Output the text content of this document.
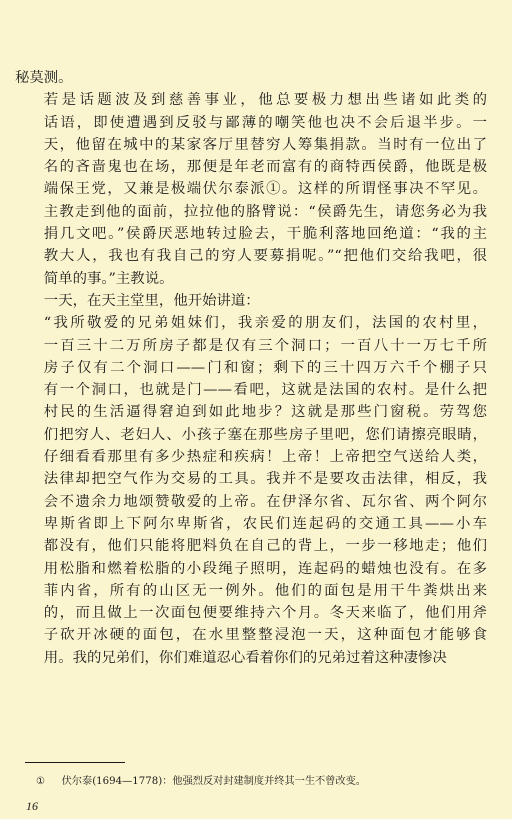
秘莫测。

若是话题波及到慈善事业，他总要极力想出些诸如此类的
话语，即使遭遇到反驳与鄙薄的嘲笑他也决不会后退半步。一
天，他留在城中的某家客厅里替穷人筹集捐款。当时有一位出了
名的吝啬鬼也在场，那便是年老而富有的商特西侯爵，他既是极
端保王党，又兼是极端伏尔泰派①。这样的所谓怪事决不罕见。
主教走到他的面前，拉拉他的胳臂说：“侯爵先生，请您务必为我
捐几文吧。”侯爵厌恶地转过脸去，干脆利落地回绝道：“我的主
教大人，我也有我自己的穷人要募捐呢。”“把他们交给我吧，很
简单的事。”主教说。

一天，在天主堂里，他开始讲道：

“我所敬爱的兄弟姐妹们，我亲爱的朋友们，法国的农村里，
一百三十二万所房子都是仅有三个洞口；一百八十一万七千所
房子仅有二个洞口——门和窗；剩下的三十四万六千个棚子只
有一个洞口，也就是门——看吧，这就是法国的农村。是什么把
村民的生活逼得窘迫到如此地步？这就是那些门窗税。劳驾您
们把穷人、老妇人、小孩子塞在那些房子里吧，您们请擦亮眼睛，
仔细看看那里有多少热症和疾病！上帝！上帝把空气送给人类，
法律却把空气作为交易的工具。我并不是要攻击法律，相反，我
会不遗余力地颂赞敬爱的上帝。在伊泽尔省、瓦尔省、两个阿尔
卑斯省即上下阿尔卑斯省，农民们连起码的交通工具——小车
都没有，他们只能将肥料负在自己的背上，一步一移地走；他们
用松脂和燃着松脂的小段绳子照明，连起码的蜡烛也没有。在多
菲内省，所有的山区无一例外。他们的面包是用干牛粪烘出来
的，而且做上一次面包便要维持六个月。冬天来临了，他们用斧
子砍开冰硬的面包，在水里整整浸泡一天，这种面包才能够食
用。我的兄弟们，你们难道忍心看着你们的兄弟过着这种凄惨决

① 伏尔泰(1694—1778)：他强烈反对封建制度并终其一生不曾改变。
16
